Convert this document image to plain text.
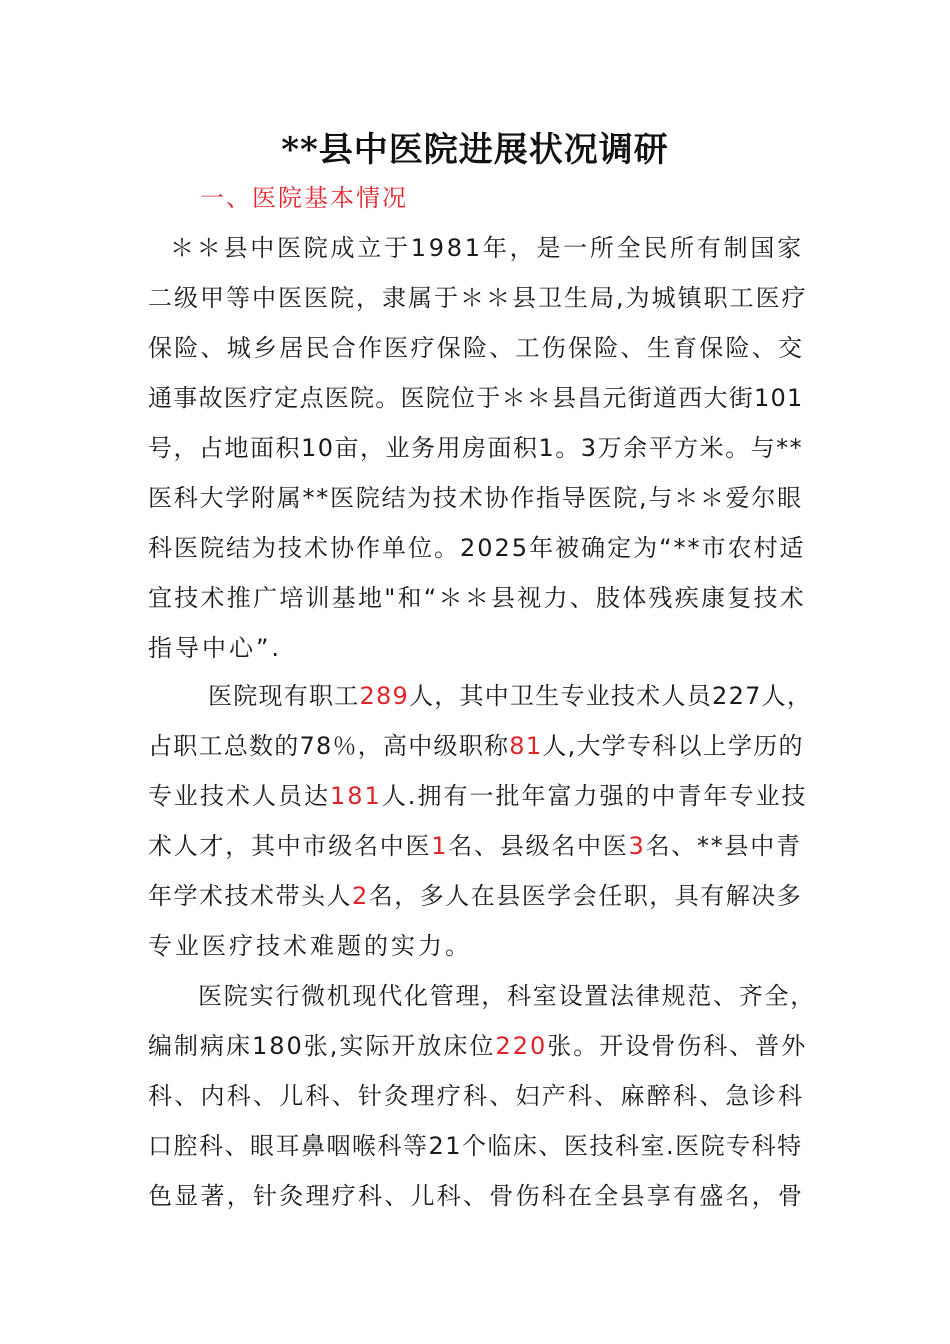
**县中医院进展状况调研
一、医院基本情况
＊＊县中医院成立于1981年，是一所全民所有制国家
二级甲等中医医院，隶属于＊＊县卫生局,为城镇职工医疗
保险、城乡居民合作医疗保险、工伤保险、生育保险、交
通事故医疗定点医院。医院位于＊＊县昌元街道西大街101
号，占地面积10亩，业务用房面积1。3万余平方米。与**
医科大学附属**医院结为技术协作指导医院,与＊＊爱尔眼
科医院结为技术协作单位。2025年被确定为“**市农村适
宜技术推广培训基地"和“＊＊县视力、肢体残疾康复技术
指导中心”.
医院现有职工289人，其中卫生专业技术人员227人，
占职工总数的78％，高中级职称81人,大学专科以上学历的
专业技术人员达181人.拥有一批年富力强的中青年专业技
术人才，其中市级名中医1名、县级名中医3名、**县中青
年学术技术带头人2名，多人在县医学会任职，具有解决多
专业医疗技术难题的实力。
医院实行微机现代化管理，科室设置法律规范、齐全，
编制病床180张,实际开放床位220张。开设骨伤科、普外
科、内科、儿科、针灸理疗科、妇产科、麻醉科、急诊科
口腔科、眼耳鼻咽喉科等21个临床、医技科室.医院专科特
色显著，针灸理疗科、儿科、骨伤科在全县享有盛名，骨
